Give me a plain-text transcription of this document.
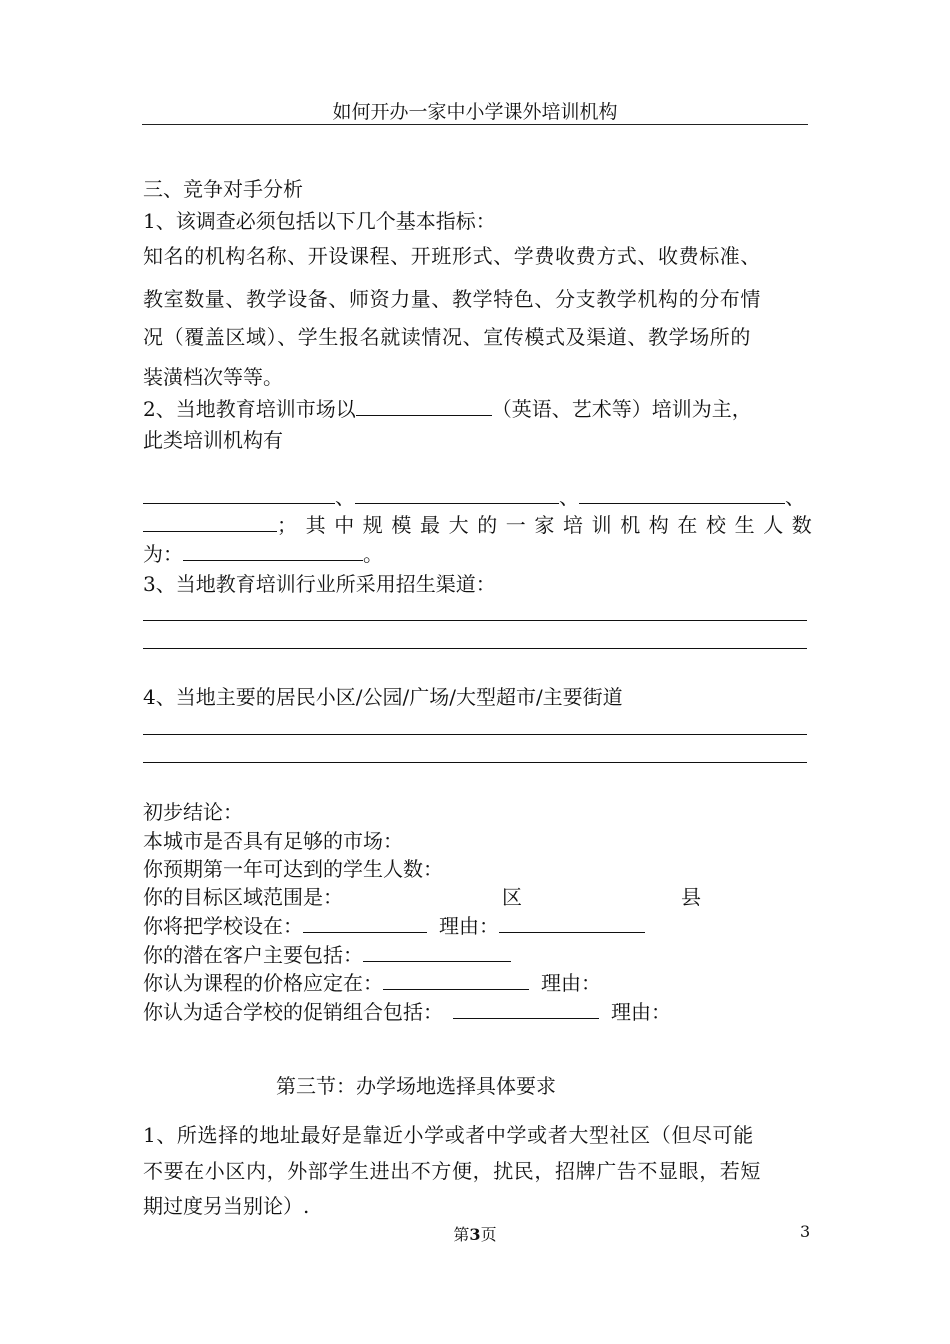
如何开办一家中小学课外培训机构
三、竞争对手分析
1、该调查必须包括以下几个基本指标：
知名的机构名称、开设课程、开班形式、学费收费方式、收费标准、
教室数量、教学设备、师资力量、教学特色、分支教学机构的分布情
况（覆盖区域）、学生报名就读情况、宣传模式及渠道、教学场所的
装潢档次等等。
2、当地教育培训市场以	（英语、艺术等）培训为主，
此类培训机构有
、	、	、
；其中规模最大的一家培训机构在校生人数
为：	。
3、当地教育培训行业所采用招生渠道：
4、当地主要的居民小区/公园/广场/大型超市/主要街道
初步结论：
本城市是否具有足够的市场：
你预期第一年可达到的学生人数：
你的目标区域范围是：	区	县
你将把学校设在：	理由：
你的潜在客户主要包括：
你认为课程的价格应定在：	理由：
你认为适合学校的促销组合包括：	理由：
第三节：办学场地选择具体要求
1、所选择的地址最好是靠近小学或者中学或者大型社区（但尽可能
不要在小区内，外部学生进出不方便，扰民，招牌广告不显眼，若短
期过度另当别论）.
第3页	3
